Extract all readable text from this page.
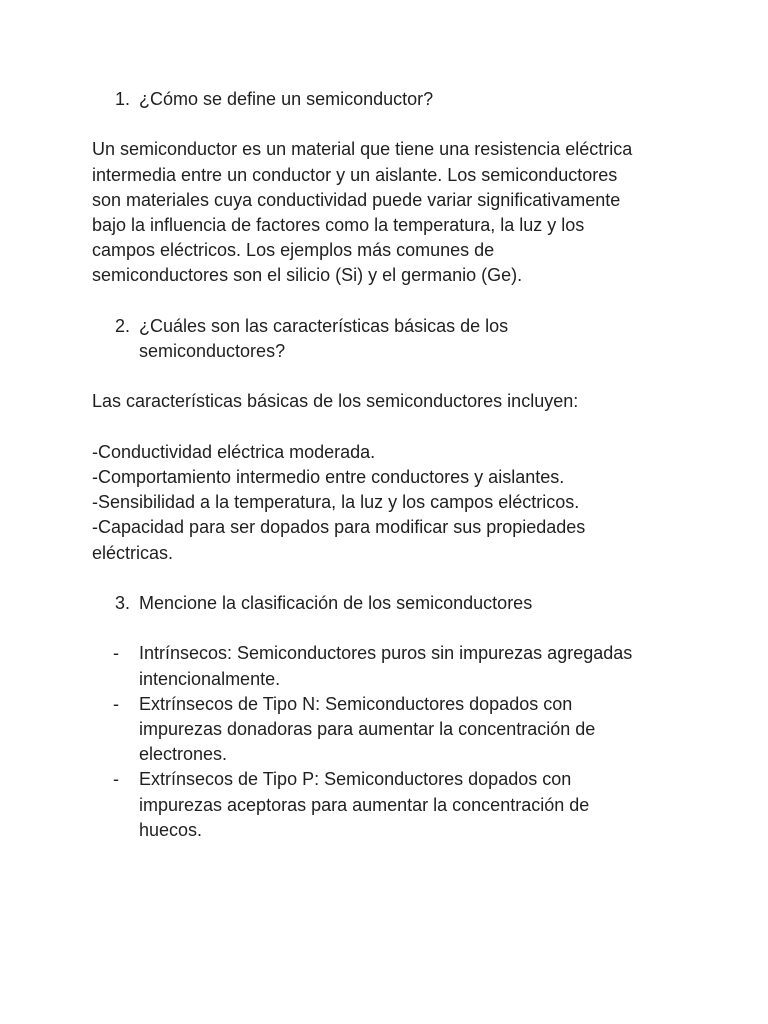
1. ¿Cómo se define un semiconductor?
Un semiconductor es un material que tiene una resistencia eléctrica
intermedia entre un conductor y un aislante. Los semiconductores
son materiales cuya conductividad puede variar significativamente
bajo la influencia de factores como la temperatura, la luz y los
campos eléctricos. Los ejemplos más comunes de
semiconductores son el silicio (Si) y el germanio (Ge).
2. ¿Cuáles son las características básicas de los
semiconductores?
Las características básicas de los semiconductores incluyen:
-Conductividad eléctrica moderada.
-Comportamiento intermedio entre conductores y aislantes.
-Sensibilidad a la temperatura, la luz y los campos eléctricos.
-Capacidad para ser dopados para modificar sus propiedades
eléctricas.
3. Mencione la clasificación de los semiconductores
- Intrínsecos: Semiconductores puros sin impurezas agregadas
intencionalmente.
- Extrínsecos de Tipo N: Semiconductores dopados con
impurezas donadoras para aumentar la concentración de
electrones.
- Extrínsecos de Tipo P: Semiconductores dopados con
impurezas aceptoras para aumentar la concentración de
huecos.
